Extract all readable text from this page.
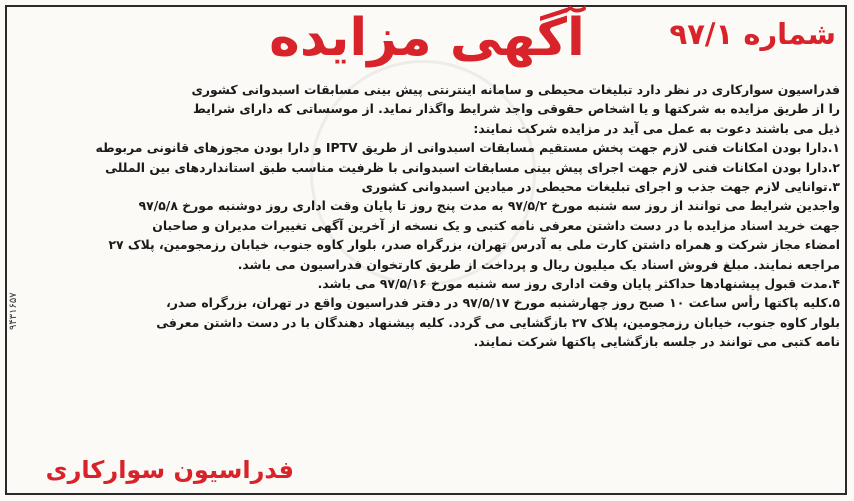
آگهی مزایده	شماره ۹۷/۱
فدراسیون سوارکاری در نظر دارد تبلیغات محیطی و سامانه اینترنتی پیش بینی مسابقات اسبدوانی کشوری
را از طریق مزایده به شرکتها و یا اشخاص حقوقی واجد شرایط واگذار نماید. از موسساتی که دارای شرایط
ذیل می باشند دعوت به عمل می آید در مزایده شرکت نمایند:
۱.دارا بودن امکانات فنی لازم جهت پخش مستقیم مسابقات اسبدوانی از طریق IPTV و دارا بودن مجوزهای قانونی مربوطه
۲.دارا بودن امکانات فنی لازم جهت اجرای پیش بینی مسابقات اسبدوانی با ظرفیت مناسب طبق استانداردهای بین المللی
۳.توانایی لازم جهت جذب و اجرای تبلیغات محیطی در میادین اسبدوانی کشوری
واجدین شرایط می توانند از روز سه شنبه مورخ ۹۷/۵/۲ به مدت پنج روز تا پایان وقت اداری روز دوشنبه مورخ ۹۷/۵/۸
جهت خرید اسناد مزایده با در دست داشتن معرفی نامه کتبی و یک نسخه از آخرین آگهی تغییرات مدیران و صاحبان
امضاء مجاز شرکت و همراه داشتن کارت ملی به آدرس تهران، بزرگراه صدر، بلوار کاوه جنوب، خیابان رزمجومین، پلاک ۲۷
مراجعه نمایند. مبلغ فروش اسناد یک میلیون ریال و پرداخت از طریق کارتخوان فدراسیون می باشد.
۴.مدت قبول پیشنهادها حداکثر پایان وقت اداری روز سه شنبه مورخ ۹۷/۵/۱۶ می باشد.
۵.کلیه پاکتها رأس ساعت ۱۰ صبح روز چهارشنبه مورخ ۹۷/۵/۱۷ در دفتر فدراسیون واقع در تهران، بزرگراه صدر،
بلوار کاوه جنوب، خیابان رزمجومین، پلاک ۲۷ بازگشایی می گردد. کلیه پیشنهاد دهندگان با در دست داشتن معرفی
نامه کتبی می توانند در جلسه بازگشایی پاکتها شرکت نمایند.
۹۴۳۱۶۵۷
فدراسیون سوارکاری
